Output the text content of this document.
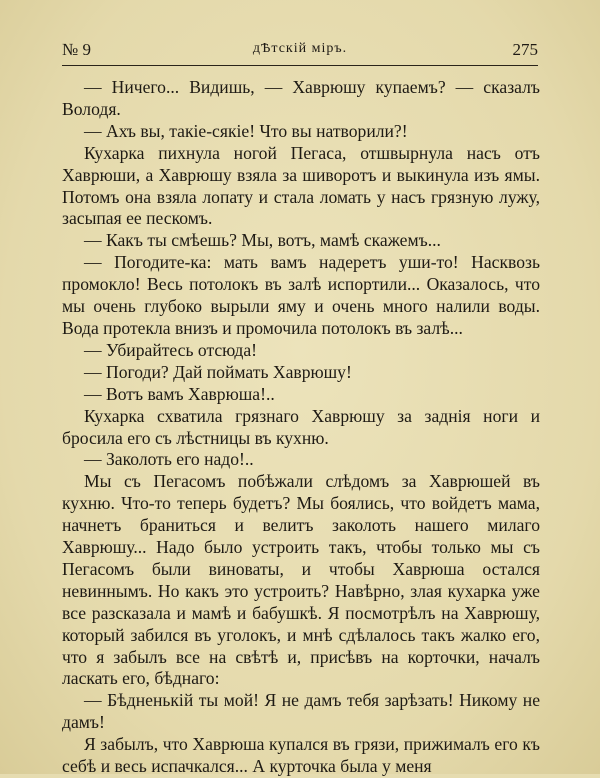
№ 9	дѢтскій міръ.	275

— Ничего... Видишь, — Хаврюшу купаемъ? — сказалъ Володя.

— Ахъ вы, такіе-сякіе! Что вы натворили?!

Кухарка пихнула ногой Пегаса, отшвырнула насъ отъ Хаврюши, а Хаврюшу взяла за шиворотъ и выкинула изъ ямы. Потомъ она взяла лопату и стала ломать у насъ грязную лужу, засыпая ее пескомъ.

— Какъ ты смѣешь? Мы, вотъ, мамѣ скажемъ...

— Погодите-ка: мать вамъ надеретъ уши-то! Насквозь промокло! Весь потолокъ въ залѣ испортили... Оказалось, что мы очень глубоко вырыли яму и очень много налили воды. Вода протекла внизъ и промочила потолокъ въ залѣ...

— Убирайтесь отсюда!

— Погоди? Дай поймать Хаврюшу!

— Вотъ вамъ Хаврюша!..

Кухарка схватила грязнаго Хаврюшу за заднія ноги и бросила его съ лѣстницы въ кухню.

— Заколоть его надо!..

Мы съ Пегасомъ побѣжали слѣдомъ за Хаврюшей въ кухню. Что-то теперь будетъ? Мы боялись, что войдетъ мама, начнетъ браниться и велитъ заколоть нашего милаго Хаврюшу... Надо было устроить такъ, чтобы только мы съ Пегасомъ были виноваты, и чтобы Хаврюша остался невиннымъ. Но какъ это устроить? Навѣрно, злая кухарка уже все разсказала и мамѣ и бабушкѣ. Я посмотрѣлъ на Хаврюшу, который забился въ уголокъ, и мнѣ сдѣлалось такъ жалко его, что я забылъ все на свѣтѣ и, присѣвъ на корточки, началъ ласкать его, бѣднаго:

— Бѣдненькій ты мой! Я не дамъ тебя зарѣзать! Никому не дамъ!

Я забылъ, что Хаврюша купался въ грязи, прижималъ его къ себѣ и весь испачкался... А курточка была у меня
